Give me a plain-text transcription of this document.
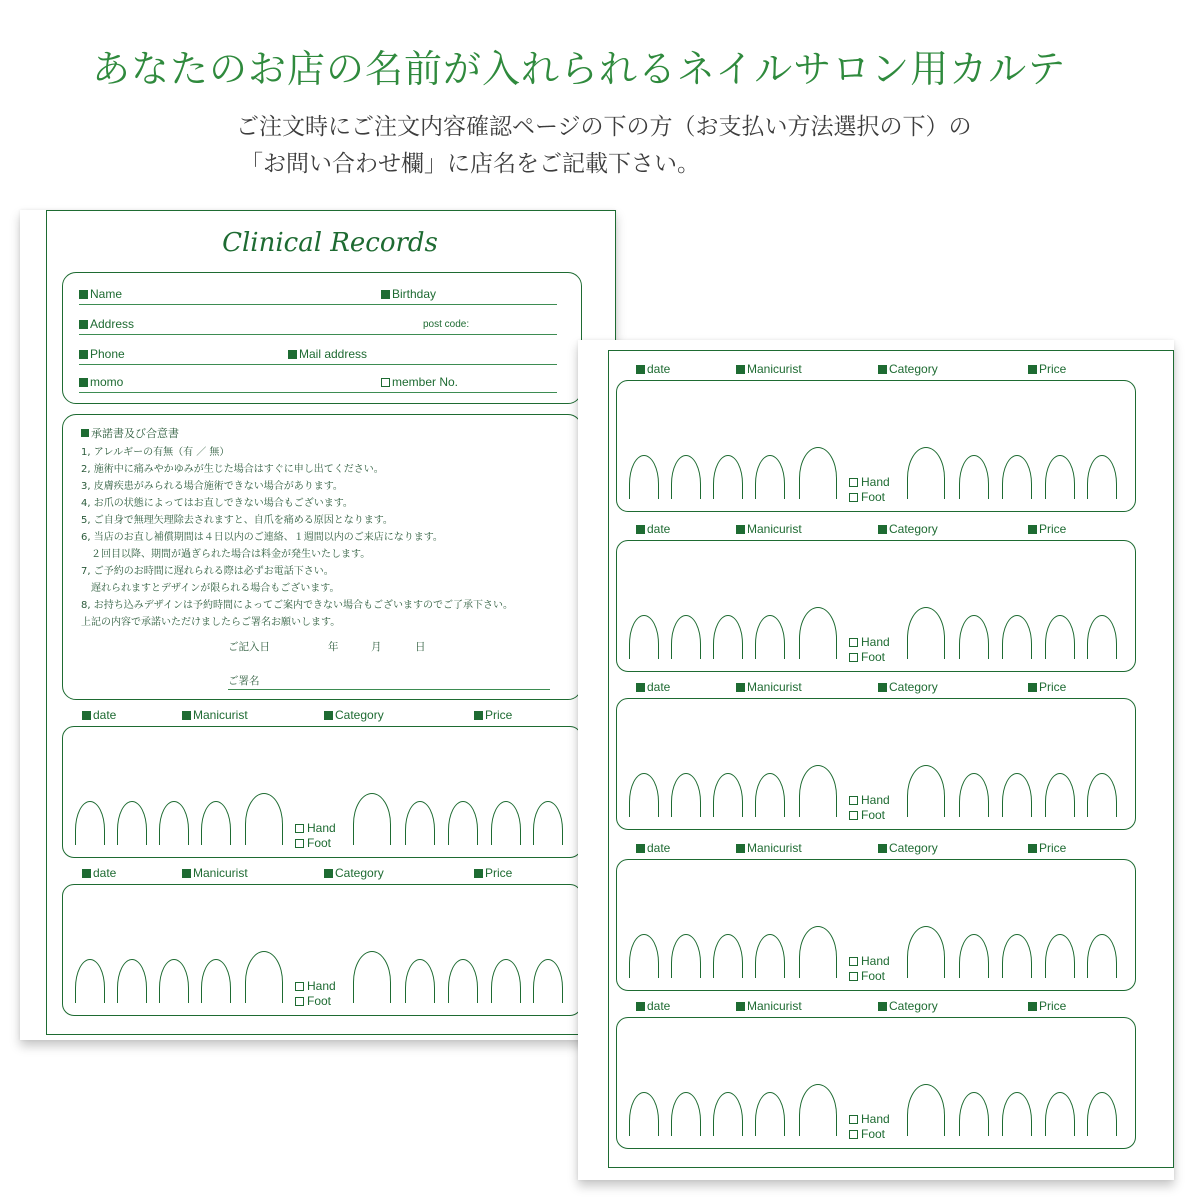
あなたのお店の名前が入れられるネイルサロン用カルテ
ご注文時にご注文内容確認ページの下の方（お支払い方法選択の下）の
「お問い合わせ欄」に店名をご記載下さい。
Clinical Records
Name	Birthday
Address	post code:
Phone	Mail address
momo	member No.
承諾書及び合意書
1, アレルギーの有無（有 ／ 無）
2, 施術中に痛みやかゆみが生じた場合はすぐに申し出てください。
3, 皮膚疾患がみられる場合施術できない場合があります。
4, お爪の状態によってはお直しできない場合もございます。
5, ご自身で無理矢理除去されますと、自爪を痛める原因となります。
6, 当店のお直し補償期間は４日以内のご連絡、１週間以内のご来店になります。
　２回目以降、期間が過ぎられた場合は料金が発生いたします。
7, ご予約のお時間に遅れられる際は必ずお電話下さい。
　遅れられますとデザインが限られる場合もございます。
8, お持ち込みデザインは予約時間によってご案内できない場合もございますのでご了承下さい。
上記の内容で承諾いただけましたらご署名お願いします。
ご記入日	年	月	日
ご署名
date	Manicurist	Category	Price
Hand
Foot
date	Manicurist	Category	Price
Hand
Foot
date	Manicurist	Category	Price
Hand
Foot
date	Manicurist	Category	Price
Hand
Foot
date	Manicurist	Category	Price
Hand
Foot
date	Manicurist	Category	Price
Hand
Foot
date	Manicurist	Category	Price
Hand
Foot
